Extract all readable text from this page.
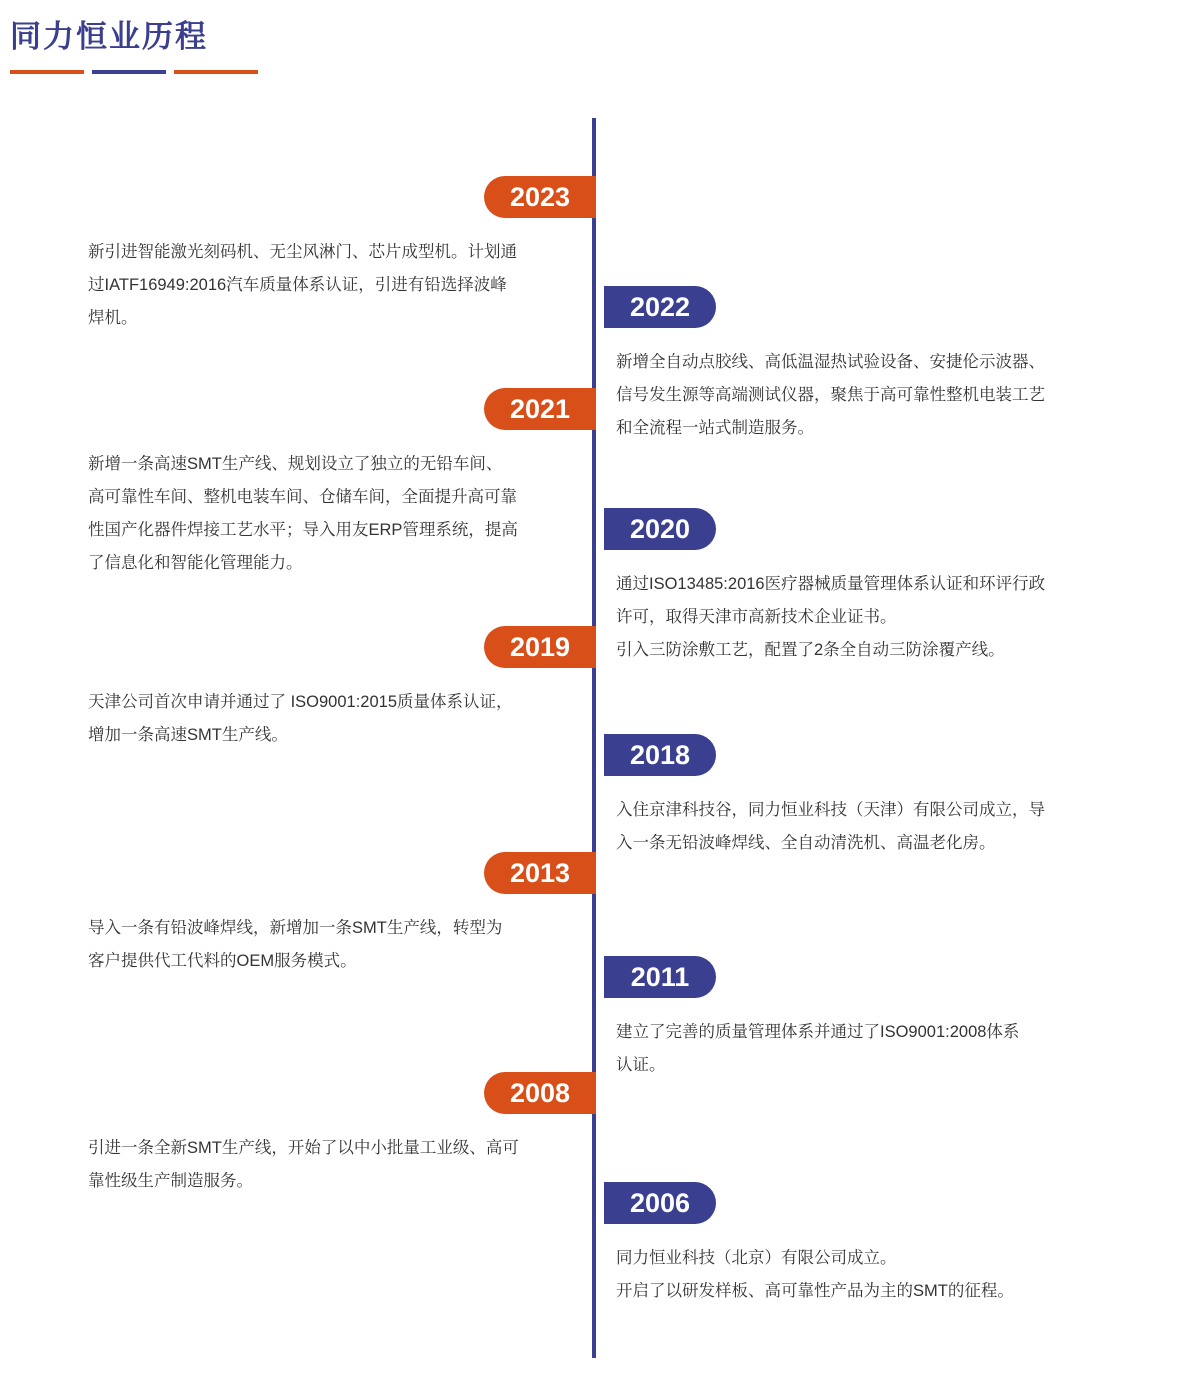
同力恒业历程
2023

新引进智能激光刻码机、无尘风淋门、芯片成型机。计划通

过IATF16949:2016汽车质量体系认证，引进有铅选择波峰

焊机。	2022

新增全自动点胶线、高低温湿热试验设备、安捷伦示波器、

信号发生源等高端测试仪器，聚焦于高可靠性整机电装工艺

和全流程一站式制造服务。

2021

新增一条高速SMT生产线、规划设立了独立的无铅车间、

高可靠性车间、整机电装车间、仓储车间，全面提升高可靠

性国产化器件焊接工艺水平；导入用友ERP管理系统，提高

了信息化和智能化管理能力。

2020

通过ISO13485:2016医疗器械质量管理体系认证和环评行政

许可，取得天津市高新技术企业证书。

引入三防涂敷工艺，配置了2条全自动三防涂覆产线。

2019

天津公司首次申请并通过了 ISO9001:2015质量体系认证，

增加一条高速SMT生产线。

2018

入住京津科技谷，同力恒业科技（天津）有限公司成立，导

入一条无铅波峰焊线、全自动清洗机、高温老化房。

2013

导入一条有铅波峰焊线，新增加一条SMT生产线，转型为

客户提供代工代料的OEM服务模式。

2011

建立了完善的质量管理体系并通过了ISO9001:2008体系

认证。

2008

引进一条全新SMT生产线，开始了以中小批量工业级、高可

靠性级生产制造服务。

2006

同力恒业科技（北京）有限公司成立。

开启了以研发样板、高可靠性产品为主的SMT的征程。
